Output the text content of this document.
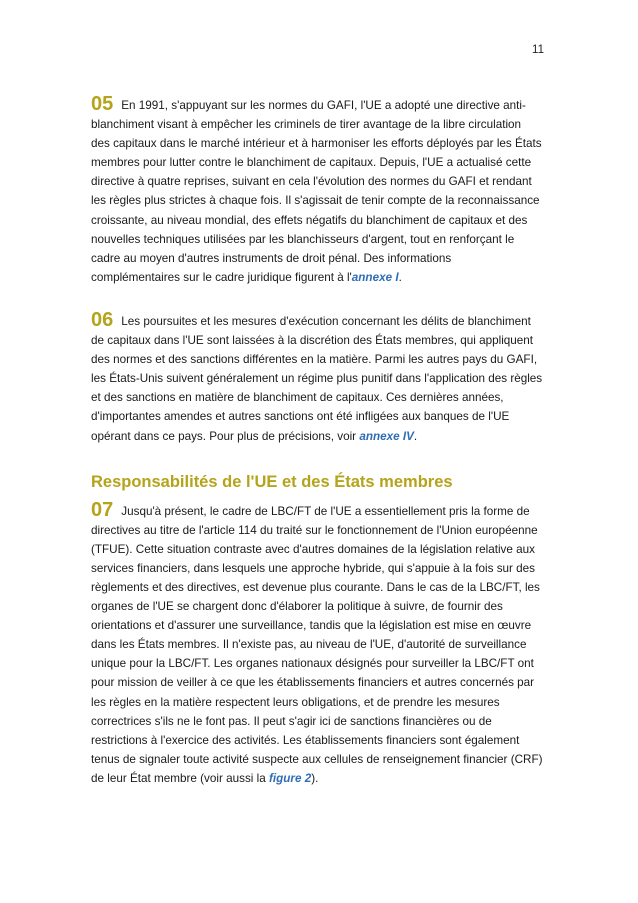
11

05 En 1991, s'appuyant sur les normes du GAFI, l'UE a adopté une directive anti-blanchiment visant à empêcher les criminels de tirer avantage de la libre circulation des capitaux dans le marché intérieur et à harmoniser les efforts déployés par les États membres pour lutter contre le blanchiment de capitaux. Depuis, l'UE a actualisé cette directive à quatre reprises, suivant en cela l'évolution des normes du GAFI et rendant les règles plus strictes à chaque fois. Il s'agissait de tenir compte de la reconnaissance croissante, au niveau mondial, des effets négatifs du blanchiment de capitaux et des nouvelles techniques utilisées par les blanchisseurs d'argent, tout en renforçant le cadre au moyen d'autres instruments de droit pénal. Des informations complémentaires sur le cadre juridique figurent à l'annexe I.

06 Les poursuites et les mesures d'exécution concernant les délits de blanchiment de capitaux dans l'UE sont laissées à la discrétion des États membres, qui appliquent des normes et des sanctions différentes en la matière. Parmi les autres pays du GAFI, les États-Unis suivent généralement un régime plus punitif dans l'application des règles et des sanctions en matière de blanchiment de capitaux. Ces dernières années, d'importantes amendes et autres sanctions ont été infligées aux banques de l'UE opérant dans ce pays. Pour plus de précisions, voir annexe IV.

Responsabilités de l'UE et des États membres

07 Jusqu'à présent, le cadre de LBC/FT de l'UE a essentiellement pris la forme de directives au titre de l'article 114 du traité sur le fonctionnement de l'Union européenne (TFUE). Cette situation contraste avec d'autres domaines de la législation relative aux services financiers, dans lesquels une approche hybride, qui s'appuie à la fois sur des règlements et des directives, est devenue plus courante. Dans le cas de la LBC/FT, les organes de l'UE se chargent donc d'élaborer la politique à suivre, de fournir des orientations et d'assurer une surveillance, tandis que la législation est mise en œuvre dans les États membres. Il n'existe pas, au niveau de l'UE, d'autorité de surveillance unique pour la LBC/FT. Les organes nationaux désignés pour surveiller la LBC/FT ont pour mission de veiller à ce que les établissements financiers et autres concernés par les règles en la matière respectent leurs obligations, et de prendre les mesures correctrices s'ils ne le font pas. Il peut s'agir ici de sanctions financières ou de restrictions à l'exercice des activités. Les établissements financiers sont également tenus de signaler toute activité suspecte aux cellules de renseignement financier (CRF) de leur État membre (voir aussi la figure 2).
